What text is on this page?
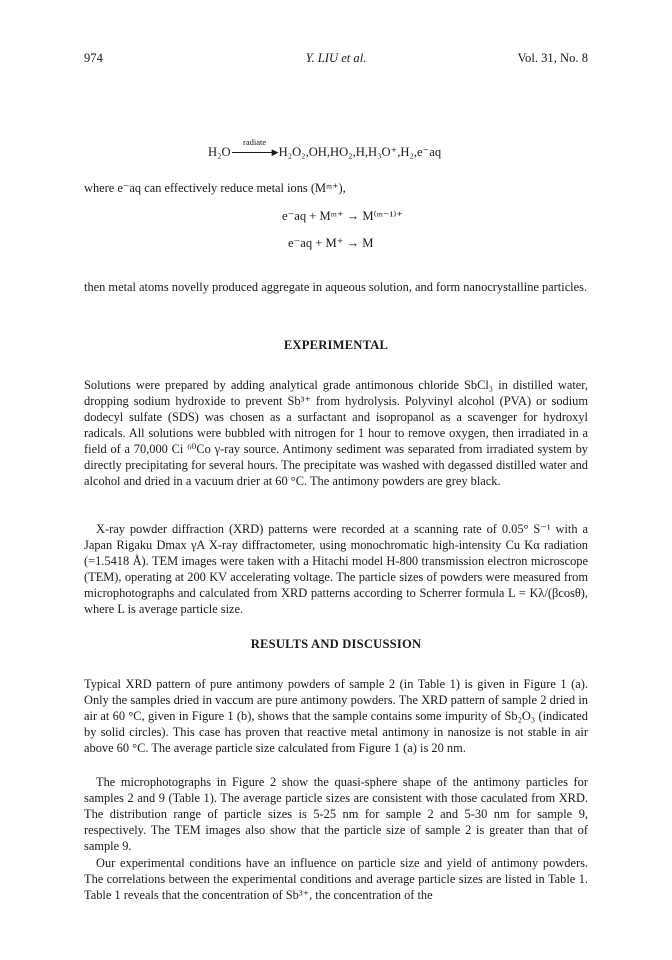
974	Y. LIU et al.	Vol. 31, No. 8
H₂O
radiate
▶ H₂O₂,OH,HO₂,H,H₃O⁺,H₂,e⁻aq

where e⁻aq can effectively reduce metal ions (Mᵐ⁺),

e⁻aq + Mᵐ⁺ → M⁽ᵐ⁻¹⁾⁺
e⁻aq + M⁺ → M

then metal atoms novelly produced aggregate in aqueous solution, and form nanocrystalline particles.

EXPERIMENTAL

Solutions were prepared by adding analytical grade antimonous chloride SbCl₃ in distilled water, dropping sodium hydroxide to prevent Sb³⁺ from hydrolysis. Polyvinyl alcohol (PVA) or sodium dodecyl sulfate (SDS) was chosen as a surfactant and isopropanol as a scavenger for hydroxyl radicals. All solutions were bubbled with nitrogen for 1 hour to remove oxygen, then irradiated in a field of a 70,000 Ci ⁶⁰Co γ-ray source. Antimony sediment was separated from irradiated system by directly precipitating for several hours. The precipitate was washed with degassed distilled water and alcohol and dried in a vacuum drier at 60 °C. The antimony powders are grey black.

X-ray powder diffraction (XRD) patterns were recorded at a scanning rate of 0.05° S⁻¹ with a Japan Rigaku Dmax γA X-ray diffractometer, using monochromatic high-intensity Cu Kα radiation (=1.5418 Å). TEM images were taken with a Hitachi model H-800 transmission electron microscope (TEM), operating at 200 KV accelerating voltage. The particle sizes of powders were measured from microphotographs and calculated from XRD patterns according to Scherrer formula L = Kλ/(βcosθ), where L is average particle size.

RESULTS AND DISCUSSION

Typical XRD pattern of pure antimony powders of sample 2 (in Table 1) is given in Figure 1 (a). Only the samples dried in vaccum are pure antimony powders. The XRD pattern of sample 2 dried in air at 60 °C, given in Figure 1 (b), shows that the sample contains some impurity of Sb₂O₃ (indicated by solid circles). This case has proven that reactive metal antimony in nanosize is not stable in air above 60 °C. The average particle size calculated from Figure 1 (a) is 20 nm.

The microphotographs in Figure 2 show the quasi-sphere shape of the antimony particles for samples 2 and 9 (Table 1). The average particle sizes are consistent with those caculated from XRD. The distribution range of particle sizes is 5-25 nm for sample 2 and 5-30 nm for sample 9, respectively. The TEM images also show that the particle size of sample 2 is greater than that of sample 9.

Our experimental conditions have an influence on particle size and yield of antimony powders. The correlations between the experimental conditions and average particle sizes are listed in Table 1. Table 1 reveals that the concentration of Sb³⁺, the concentration of the
